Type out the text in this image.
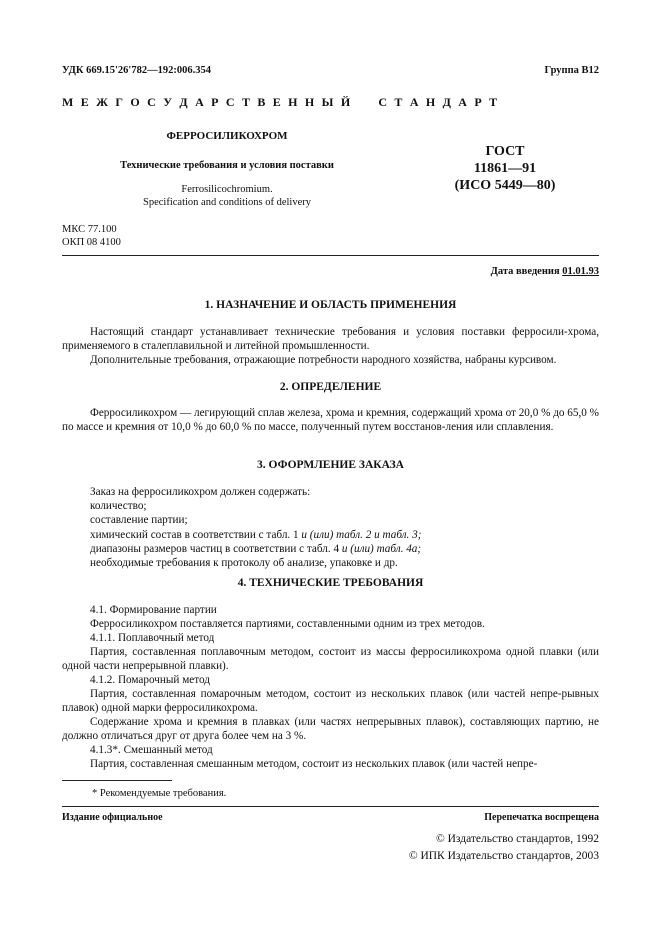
УДК 669.15'26'782—192:006.354	Группа В12
М Е Ж Г О С У Д А Р С Т В Е Н Н Ы Й     С Т А Н Д А Р Т
ФЕРРОСИЛИКОХРОМ
Технические требования и условия поставки
Ferrosilicochromium.
Specification and conditions of delivery
ГОСТ
11861—91
(ИСО 5449—80)
МКС 77.100
ОКП 08 4100
Дата введения 01.01.93
1. НАЗНАЧЕНИЕ И ОБЛАСТЬ ПРИМЕНЕНИЯ
Настоящий стандарт устанавливает технические требования и условия поставки ферросили-хрома, применяемого в сталеплавильной и литейной промышленности.
Дополнительные требования, отражающие потребности народного хозяйства, набраны курсивом.
2. ОПРЕДЕЛЕНИЕ
Ферросиликохром — легирующий сплав железа, хрома и кремния, содержащий хрома от 20,0 % до 65,0 % по массе и кремния от 10,0 % до 60,0 % по массе, полученный путем восстанов-ления или сплавления.
3. ОФОРМЛЕНИЕ ЗАКАЗА
Заказ на ферросиликохром должен содержать:
количество;
составление партии;
химический состав в соответствии с табл. 1 и (или) табл. 2 и табл. 3;
диапазоны размеров частиц в соответствии с табл. 4 и (или) табл. 4а;
необходимые требования к протоколу об анализе, упаковке и др.
4. ТЕХНИЧЕСКИЕ ТРЕБОВАНИЯ
4.1. Формирование партии
Ферросиликохром поставляется партиями, составленными одним из трех методов.
4.1.1. Поплавочный метод
Партия, составленная поплавочным методом, состоит из массы ферросиликохрома одной плавки (или одной части непрерывной плавки).
4.1.2. Помарочный метод
Партия, составленная помарочным методом, состоит из нескольких плавок (или частей непре-рывных плавок) одной марки ферросиликохрома.
Содержание хрома и кремния в плавках (или частях непрерывных плавок), составляющих партию, не должно отличаться друг от друга более чем на 3 %.
4.1.3*. Смешанный метод
Партия, составленная смешанным методом, состоит из нескольких плавок (или частей непре-
* Рекомендуемые требования.
Издание официальное	Перепечатка воспрещена
© Издательство стандартов, 1992
© ИПК Издательство стандартов, 2003
